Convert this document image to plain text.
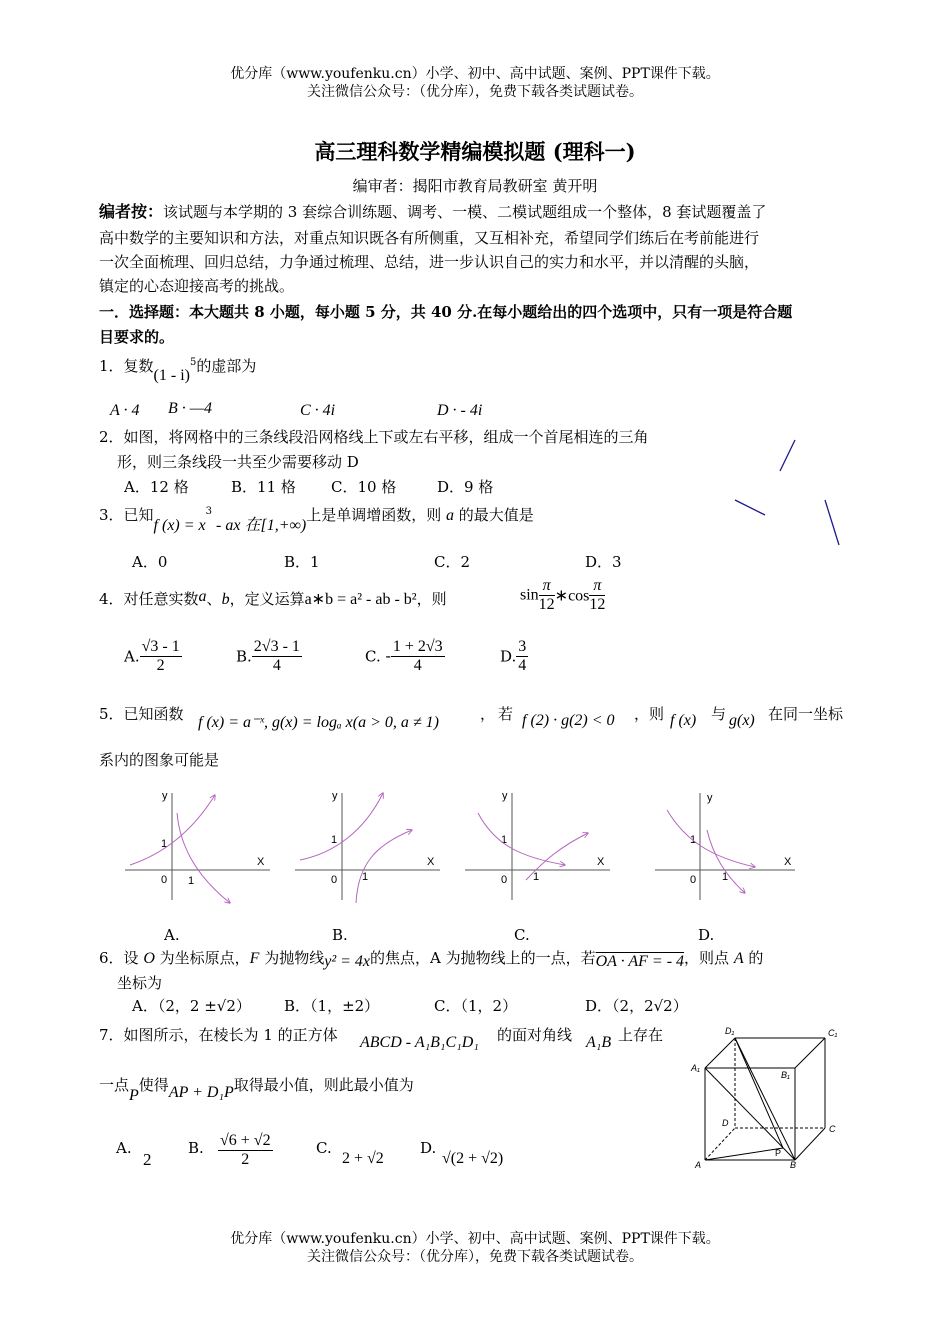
优分库（www.youfenku.cn）小学、初中、高中试题、案例、PPT课件下载。
关注微信公众号：（优分库），免费下载各类试题试卷。
高三理科数学精编模拟题 (理科一)
编审者：揭阳市教育局教研室 黄开明
编者按：该试题与本学期的 3 套综合训练题、调考、一模、二模试题组成一个整体，8 套试题覆盖了
高中数学的主要知识和方法，对重点知识既各有所侧重，又互相补充，希望同学们练后在考前能进行
一次全面梳理、回归总结，力争通过梳理、总结，进一步认识自己的实力和水平，并以清醒的头脑，
镇定的心态迎接高考的挑战。
一．选择题：本大题共 8 小题，每小题 5 分，共 40 分.在每小题给出的四个选项中，只有一项是符合题
目要求的。
1．复数(1 - i)$^5$的虚部为
A · 4 B · —4	C · 4i	D · - 4i
2．如图，将网格中的三条线段沿网格线上下或左右平移，组成一个首尾相连的三角
形，则三条线段一共至少需要移动 D
A．12 格	B．11 格 C．10 格	D．9 格
3．已知f $(x) = x^3$ - ax 在[1,+∞)上是单调增函数，则 a 的最大值是
A．0	B．1	C．2	D．3
4．对任意实数a、b，定义运算a∗b = a² - ab - b²，则	$\sin \frac{\pi}{12}$ ∗cos $\frac{\pi}{12}$
A. $\frac{√3 - 1}{2}$	B. $\frac{2√3 - 1}{4}$	C. - $\frac{1 + 2√3}{4}$	D. $\frac{3}{4}$
5．已知函数 f (x) = a⁻ˣ, g(x) = logₐ x(a > 0, a ≠ 1)	， 若 f (2) · g(2) < 0 ，则 f (x) 与 g(x) 在同一坐标
系内的图象可能是
y
X
0
1
1
y
X
0
1
1
y
X
0
1
1
y
X
0
1
1
A.	B.	C.	D.
6．设 O 为坐标原点，F 为抛物线y² = 4x的焦点，A 为抛物线上的一点，若OA · AF = - 4，则点 A 的
坐标为
A．（2，2 ±√2） B．（1，±2）	C．（1，2）	D．（2，2√2）
7．如图所示，在棱长为 1 的正方体 ABCD - A₁B₁C₁D₁ 的面对角线 A₁B 上存在
一点P使得AP + D₁P取得最小值，则此最小值为
A.
2
B. $\frac{√6 + √2}{2}$	C.
2 + √2
D.
√(2 + √2)
D₁	C₁
A₁
B₁
D
C
A	B
P
优分库（www.youfenku.cn）小学、初中、高中试题、案例、PPT课件下载。
关注微信公众号：（优分库），免费下载各类试题试卷。
